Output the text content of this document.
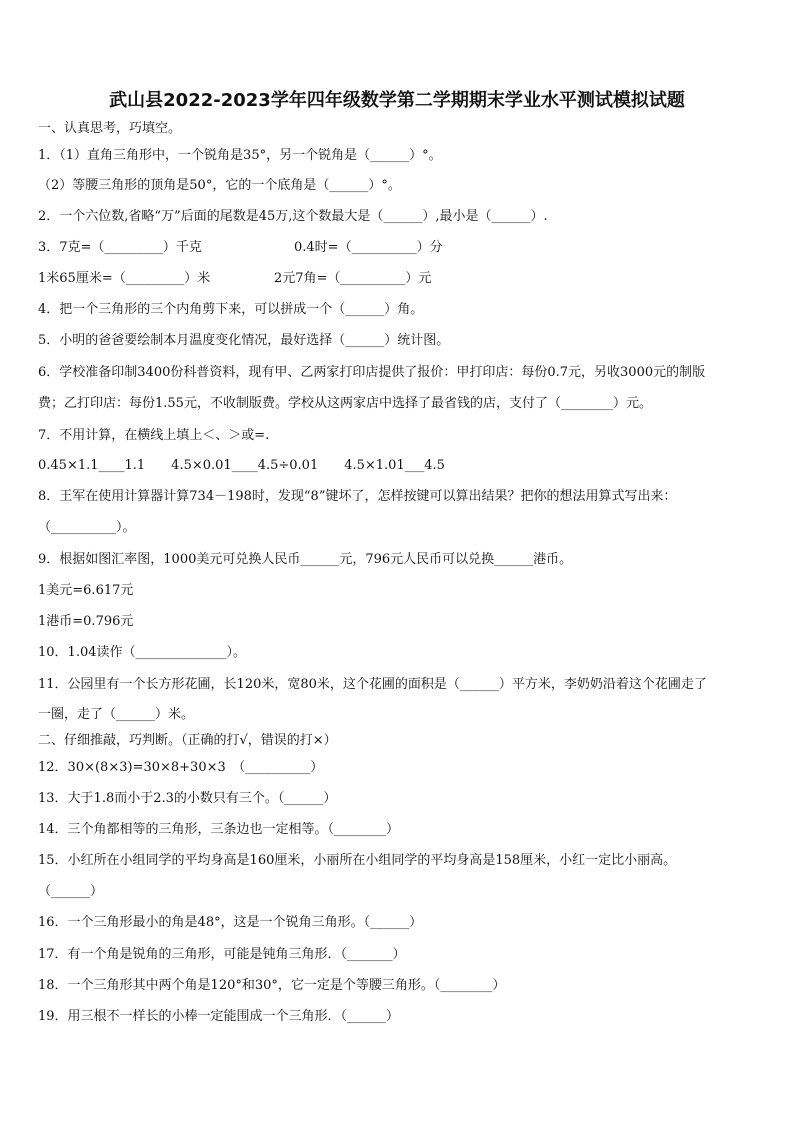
武山县2022-2023学年四年级数学第二学期期末学业水平测试模拟试题
一、认真思考，巧填空。
1．（1）直角三角形中，一个锐角是35°，另一个锐角是（______）°。
（2）等腰三角形的顶角是50°，它的一个底角是（______）°。
2．一个六位数,省略“万”后面的尾数是45万,这个数最大是（______）,最小是（______）.
3．7克=（_________）千克	0.4时=（__________）分
1米65厘米=（_________）米	2元7角=（__________）元
4．把一个三角形的三个内角剪下来，可以拼成一个（______）角。
5．小明的爸爸要绘制本月温度变化情况，最好选择（______）统计图。
6．学校准备印制3400份科普资料，现有甲、乙两家打印店提供了报价：甲打印店：每份0.7元，另收3000元的制版
费；乙打印店：每份1.55元，不收制版费。学校从这两家店中选择了最省钱的店，支付了（________）元。
7．不用计算，在横线上填上＜、＞或=.
0.45×1.1____1.1　　4.5×0.01____4.5÷0.01　　4.5×1.01___4.5
8．王军在使用计算器计算734－198时，发现“8”键坏了，怎样按键可以算出结果？把你的想法用算式写出来：
（__________）。
9．根据如图汇率图，1000美元可兑换人民币______元，796元人民币可以兑换______港币。
1美元=6.617元
1港币=0.796元
10．1.04读作（______________）。
11．公园里有一个长方形花圃，长120米，宽80米，这个花圃的面积是（______）平方米，李奶奶沿着这个花圃走了
一圈，走了（______）米。
二、仔细推敲，巧判断。（正确的打√，错误的打×）
12．30×(8×3)=30×8+30×3　（__________）
13．大于1.8而小于2.3的小数只有三个。（______）
14．三个角都相等的三角形，三条边也一定相等。（________）
15．小红所在小组同学的平均身高是160厘米，小丽所在小组同学的平均身高是158厘米，小红一定比小丽高。
（______）
16．一个三角形最小的角是48°，这是一个锐角三角形。（______）
17．有一个角是锐角的三角形，可能是钝角三角形．（_______）
18．一个三角形其中两个角是120°和30°，它一定是个等腰三角形。（________）
19．用三根不一样长的小棒一定能围成一个三角形．（______）
